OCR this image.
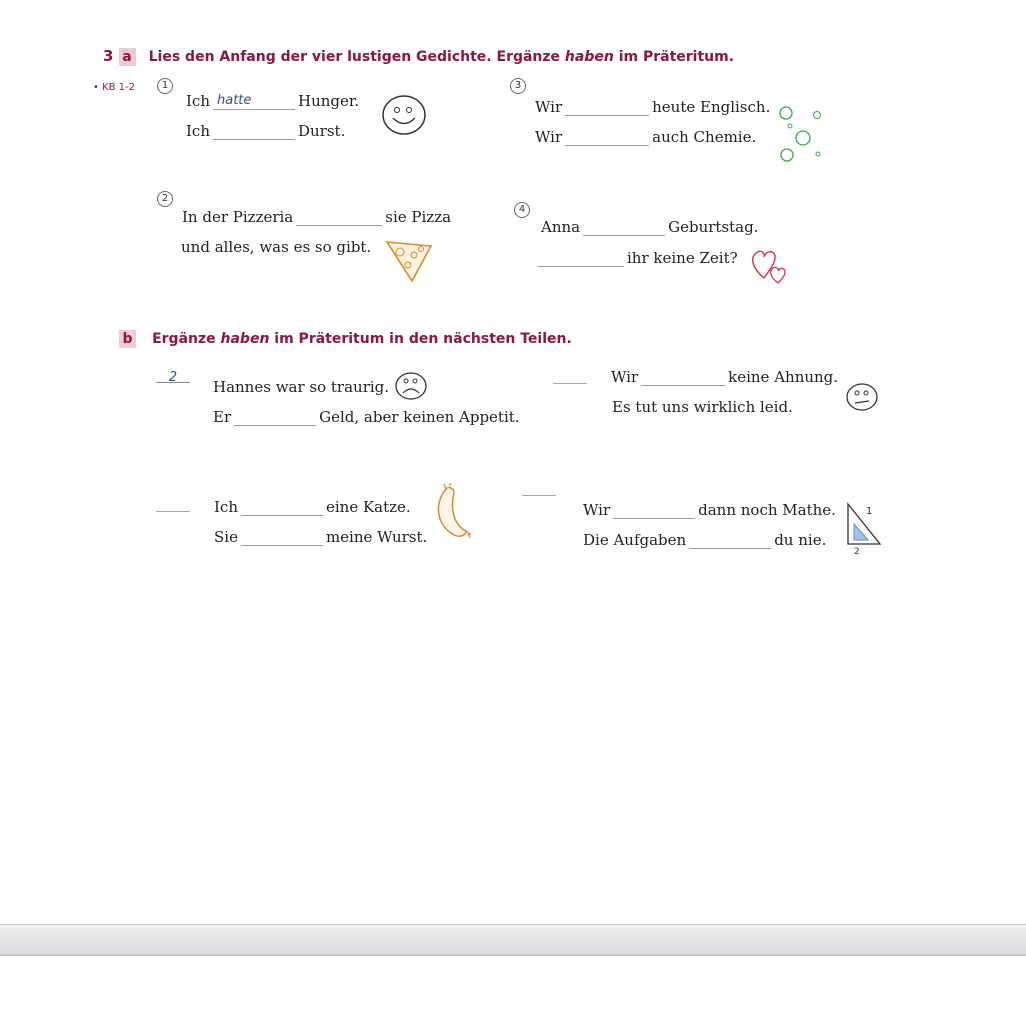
3 a Lies den Anfang der vier lustigen Gedichte. Ergänze haben im Präteritum.
• KB 1-2	1
Ich hatte	Hunger.
Ich	Durst.
2
In der Pizzeria	sie Pizza
und alles, was es so gibt.
3
Wir	heute Englisch.
Wir	auch Chemie.
4
Anna	Geburtstag.
ihr keine Zeit?
b Ergänze haben im Präteritum in den nächsten Teilen.
2
Hannes war so traurig.
Er	Geld, aber keinen Appetit.
Wir	keine Ahnung.
Es tut uns wirklich leid.
Ich	eine Katze.
Sie	meine Wurst.
Wir	dann noch Mathe.
Die Aufgaben	du nie.
1
2
